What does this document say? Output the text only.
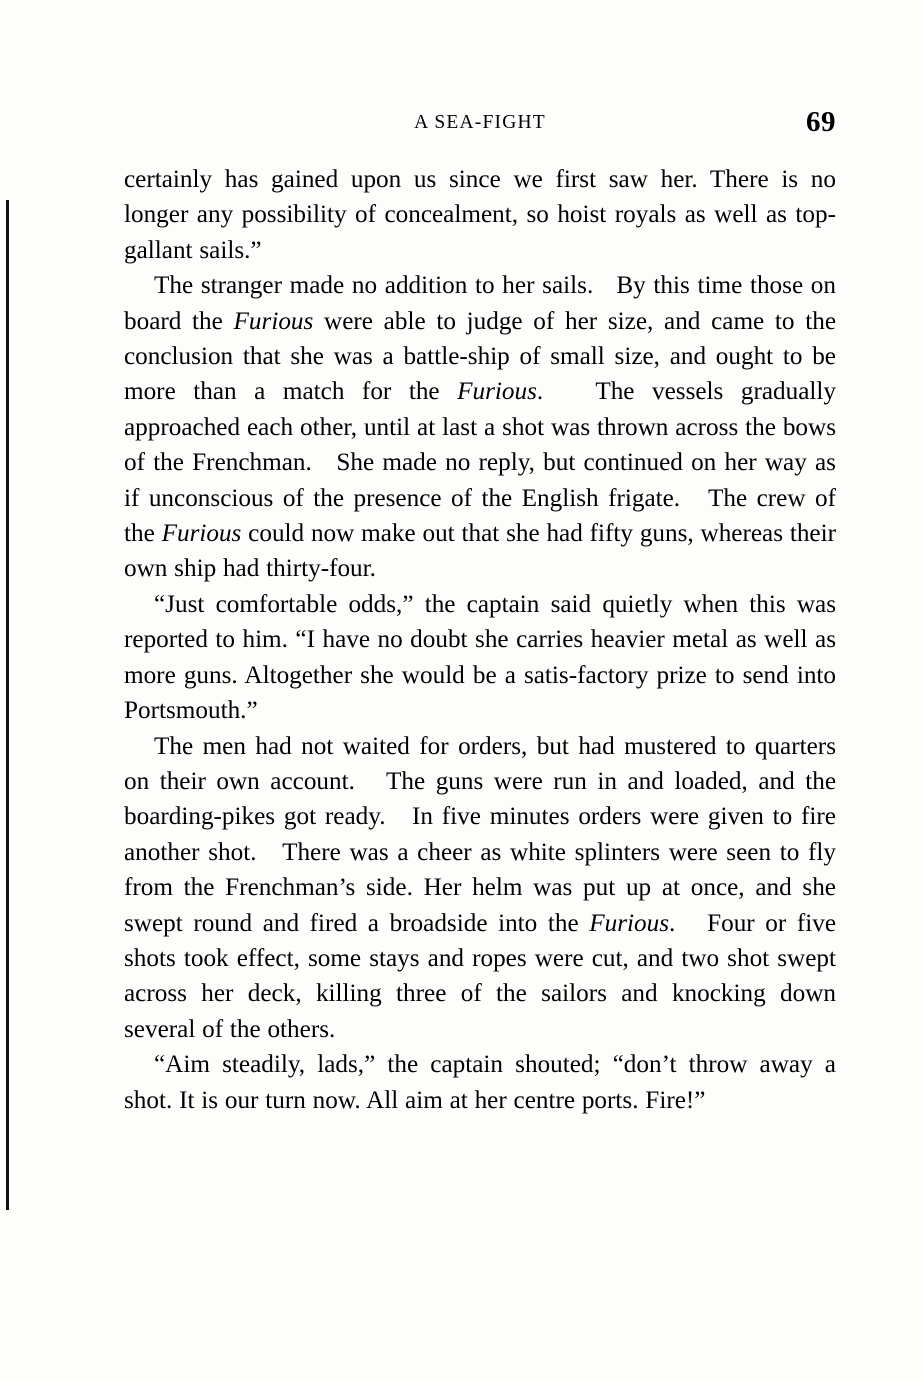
A SEA-FIGHT	69

certainly has gained upon us since we first saw her. There is no longer any possibility of concealment, so hoist royals as well as top-gallant sails.”

The stranger made no addition to her sails.   By this time those on board the Furious were able to judge of her size, and came to the conclusion that she was a battle-ship of small size, and ought to be more than a match for the Furious.   The vessels gradually approached each other, until at last a shot was thrown across the bows of the Frenchman.   She made no reply, but continued on her way as if unconscious of the presence of the English frigate.   The crew of the Furious could now make out that she had fifty guns, whereas their own ship had thirty-four.

“Just comfortable odds,” the captain said quietly when this was reported to him. “I have no doubt she carries heavier metal as well as more guns. Altogether she would be a satis-factory prize to send into Portsmouth.”

The men had not waited for orders, but had mustered to quarters on their own account.   The guns were run in and loaded, and the boarding-pikes got ready.   In five minutes orders were given to fire another shot.   There was a cheer as white splinters were seen to fly from the Frenchman’s side. Her helm was put up at once, and she swept round and fired a broadside into the Furious.   Four or five shots took effect, some stays and ropes were cut, and two shot swept across her deck, killing three of the sailors and knocking down several of the others.

“Aim steadily, lads,” the captain shouted; “don’t throw away a shot. It is our turn now. All aim at her centre ports. Fire!”
